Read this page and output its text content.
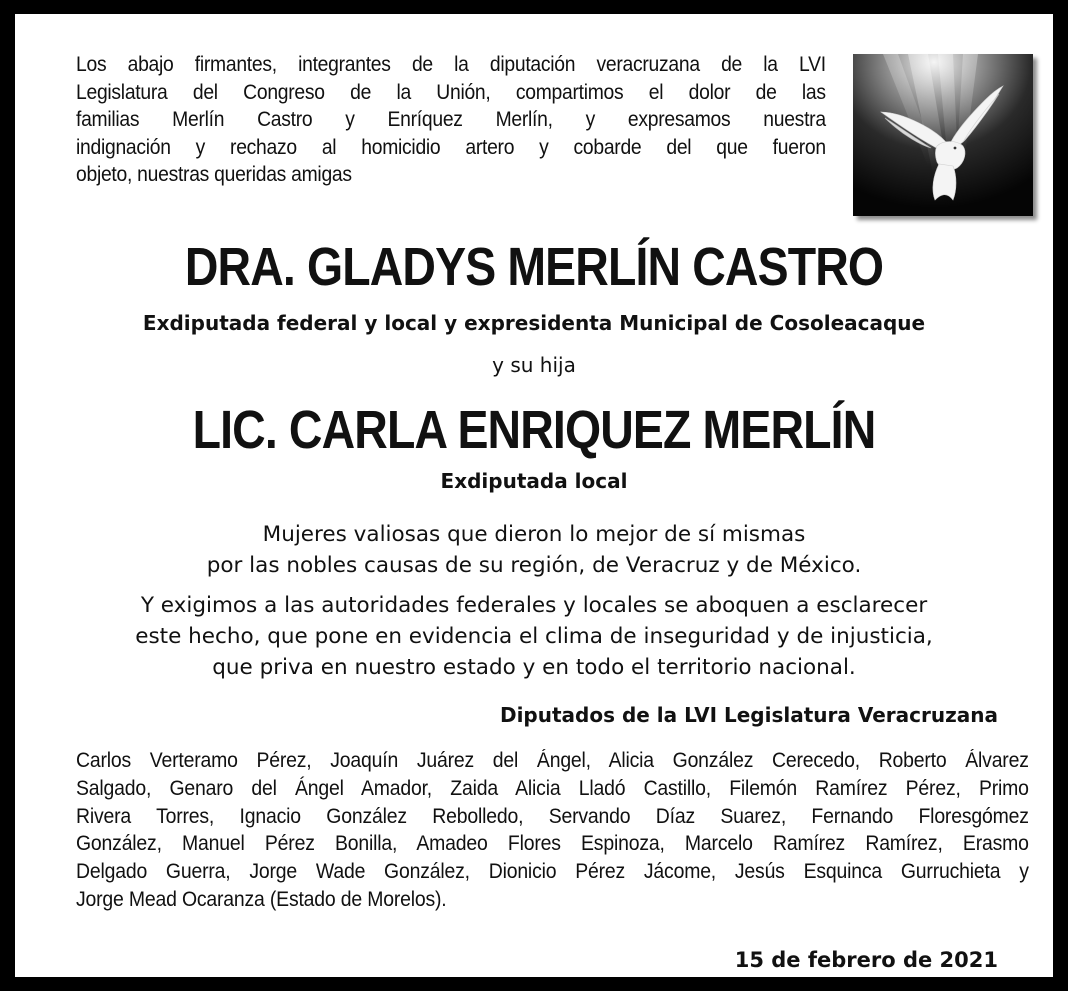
Los abajo firmantes, integrantes de la diputación veracruzana de la LVI
Legislatura del Congreso de la Unión, compartimos el dolor de las
familias Merlín Castro y Enríquez Merlín, y expresamos nuestra
indignación y rechazo al homicidio artero y cobarde del que fueron
objeto, nuestras queridas amigas
DRA. GLADYS MERLÍN CASTRO
Exdiputada federal y local y expresidenta Municipal de Cosoleacaque
y su hija
LIC. CARLA ENRIQUEZ MERLÍN
Exdiputada local
Mujeres valiosas que dieron lo mejor de sí mismas
por las nobles causas de su región, de Veracruz y de México.
Y exigimos a las autoridades federales y locales se aboquen a esclarecer
este hecho, que pone en evidencia el clima de inseguridad y de injusticia,
que priva en nuestro estado y en todo el territorio nacional.
Diputados de la LVI Legislatura Veracruzana
Carlos Verteramo Pérez, Joaquín Juárez del Ángel, Alicia González Cerecedo, Roberto Álvarez
Salgado, Genaro del Ángel Amador, Zaida Alicia Lladó Castillo, Filemón Ramírez Pérez, Primo
Rivera Torres, Ignacio González Rebolledo, Servando Díaz Suarez, Fernando Floresgómez
González, Manuel Pérez Bonilla, Amadeo Flores Espinoza, Marcelo Ramírez Ramírez, Erasmo
Delgado Guerra, Jorge Wade González, Dionicio Pérez Jácome, Jesús Esquinca Gurruchieta y
Jorge Mead Ocaranza (Estado de Morelos).
15 de febrero de 2021
